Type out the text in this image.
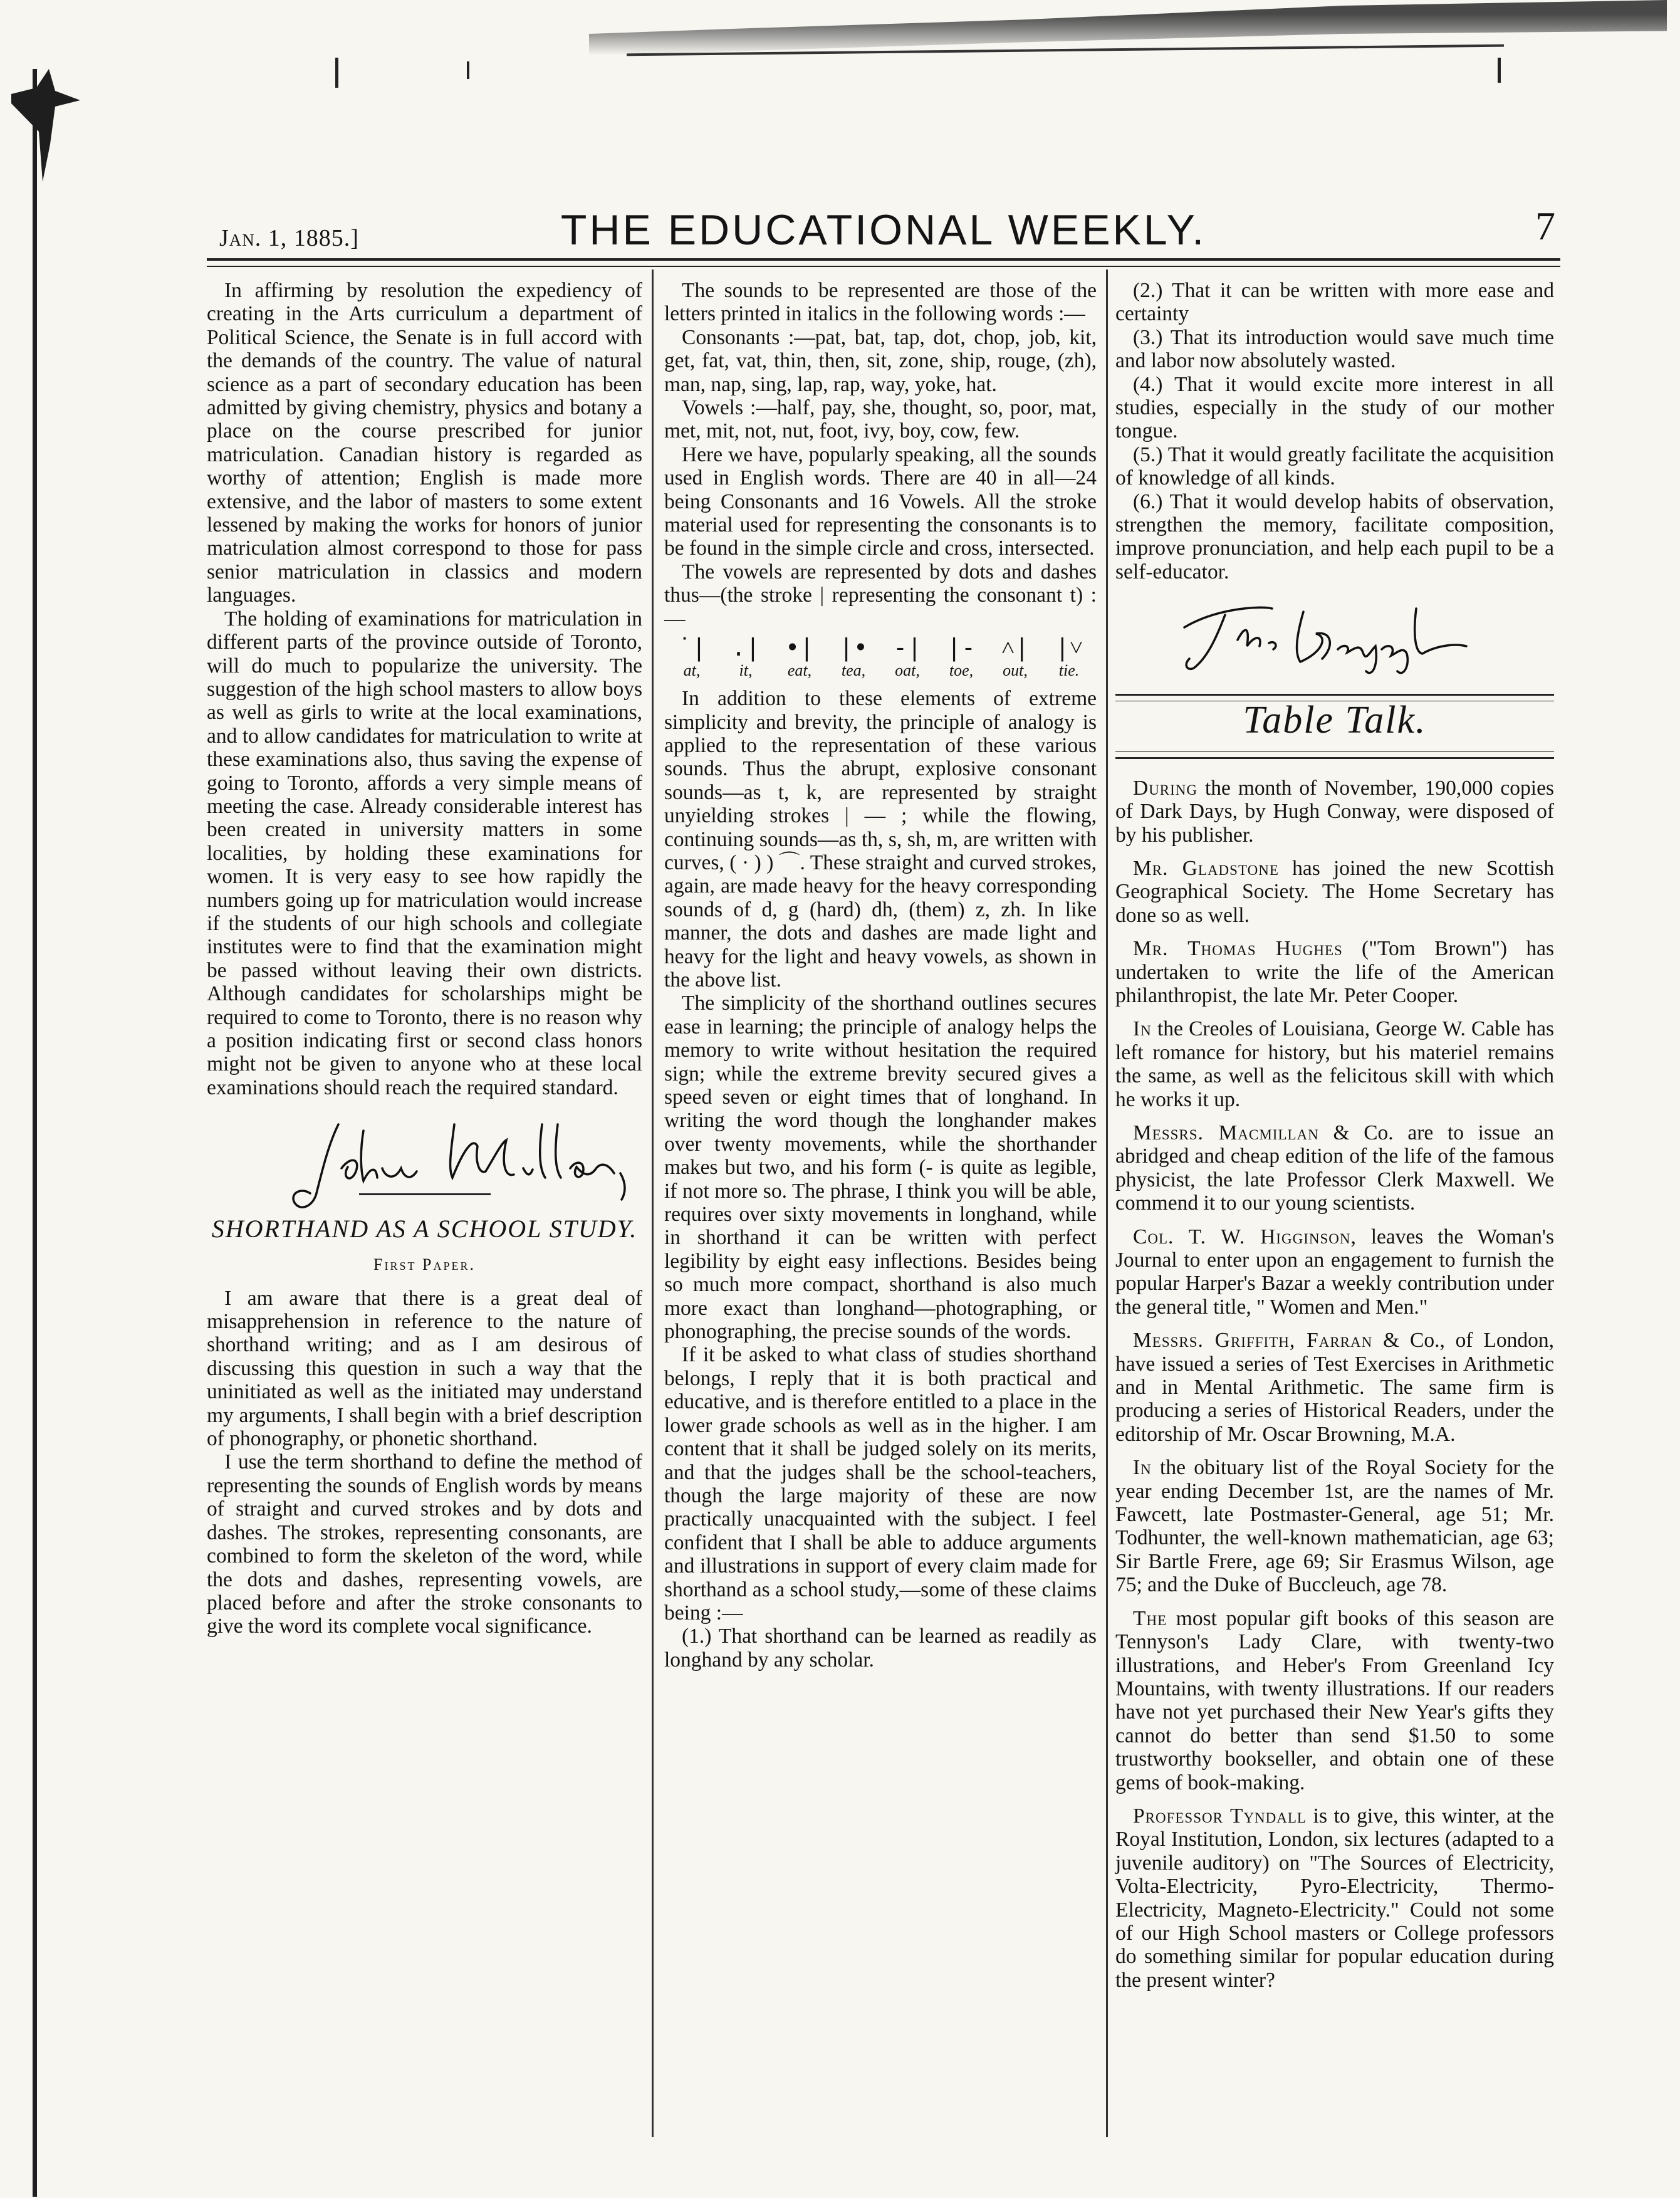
Jan. 1, 1885.]	THE EDUCATIONAL WEEKLY.	7

In affirming by resolution the expediency of creating in the Arts curriculum a department of Political Science, the Senate is in full accord with the demands of the country. The value of natural science as a part of secondary education has been admitted by giving chemistry, physics and botany a place on the course prescribed for junior matriculation. Canadian history is regarded as worthy of attention; English is made more extensive, and the labor of masters to some extent lessened by making the works for honors of junior matriculation almost correspond to those for pass senior matriculation in classics and modern languages.

The holding of examinations for matriculation in different parts of the province outside of Toronto, will do much to popularize the university. The suggestion of the high school masters to allow boys as well as girls to write at the local examinations, and to allow candidates for matriculation to write at these examinations also, thus saving the expense of going to Toronto, affords a very simple means of meeting the case. Already considerable interest has been created in university matters in some localities, by holding these examinations for women. It is very easy to see how rapidly the numbers going up for matriculation would increase if the students of our high schools and collegiate institutes were to find that the examination might be passed without leaving their own districts. Although candidates for scholarships might be required to come to Toronto, there is no reason why a position indicating first or second class honors might not be given to anyone who at these local examinations should reach the required standard.

SHORTHAND AS A SCHOOL STUDY.
First Paper.

I am aware that there is a great deal of misapprehension in reference to the nature of shorthand writing; and as I am desirous of discussing this question in such a way that the uninitiated as well as the initiated may understand my arguments, I shall begin with a brief description of phonography, or phonetic shorthand.

I use the term shorthand to define the method of representing the sounds of English words by means of straight and curved strokes and by dots and dashes. The strokes, representing consonants, are combined to form the skeleton of the word, while the dots and dashes, representing vowels, are placed before and after the stroke consonants to give the word its complete vocal significance.

The sounds to be represented are those of the letters printed in italics in the following words :—

Consonants :—pat, bat, tap, dot, chop, job, kit, get, fat, vat, thin, then, sit, zone, ship, rouge, (zh), man, nap, sing, lap, rap, way, yoke, hat.

Vowels :—half, pay, she, thought, so, poor, mat, met, mit, not, nut, foot, ivy, boy, cow, few.

Here we have, popularly speaking, all the sounds used in English words. There are 40 in all—24 being Consonants and 16 Vowels. All the stroke material used for representing the consonants is to be found in the simple circle and cross, intersected.

The vowels are represented by dots and dashes thus—(the stroke | representing the consonant t) :—

˙|
at,
.|
it,
•|
eat,
|•
tea,
-|
oat,
|-
toe,
˄|
out,
|˅
tie.

In addition to these elements of extreme simplicity and brevity, the principle of analogy is applied to the representation of these various sounds. Thus the abrupt, explosive consonant sounds—as t, k, are represented by straight unyielding strokes | — ; while the flowing, continuing sounds—as th, s, sh, m, are written with curves, ( · ) ) ⌒. These straight and curved strokes, again, are made heavy for the heavy corresponding sounds of d, g (hard) dh, (them) z, zh. In like manner, the dots and dashes are made light and heavy for the light and heavy vowels, as shown in the above list.

The simplicity of the shorthand outlines secures ease in learning; the principle of analogy helps the memory to write without hesitation the required sign; while the extreme brevity secured gives a speed seven or eight times that of longhand. In writing the word though the longhander makes over twenty movements, while the shorthander makes but two, and his form (- is quite as legible, if not more so. The phrase, I think you will be able, requires over sixty movements in longhand, while in shorthand it can be written with perfect legibility by eight easy inflections. Besides being so much more compact, shorthand is also much more exact than longhand—photographing, or phonographing, the precise sounds of the words.

If it be asked to what class of studies shorthand belongs, I reply that it is both practical and educative, and is therefore entitled to a place in the lower grade schools as well as in the higher. I am content that it shall be judged solely on its merits, and that the judges shall be the school-teachers, though the large majority of these are now practically unacquainted with the subject. I feel confident that I shall be able to adduce arguments and illustrations in support of every claim made for shorthand as a school study,—some of these claims being :—

(1.) That shorthand can be learned as readily as longhand by any scholar.

(2.) That it can be written with more ease and certainty

(3.) That its introduction would save much time and labor now absolutely wasted.

(4.) That it would excite more interest in all studies, especially in the study of our mother tongue.

(5.) That it would greatly facilitate the acquisition of knowledge of all kinds.

(6.) That it would develop habits of observation, strengthen the memory, facilitate composition, improve pronunciation, and help each pupil to be a self-educator.

Table Talk.

During the month of November, 190,000 copies of Dark Days, by Hugh Conway, were disposed of by his publisher.

Mr. Gladstone has joined the new Scottish Geographical Society. The Home Secretary has done so as well.

Mr. Thomas Hughes ("Tom Brown") has undertaken to write the life of the American philanthropist, the late Mr. Peter Cooper.

In the Creoles of Louisiana, George W. Cable has left romance for history, but his materiel remains the same, as well as the felicitous skill with which he works it up.

Messrs. Macmillan & Co. are to issue an abridged and cheap edition of the life of the famous physicist, the late Professor Clerk Maxwell. We commend it to our young scientists.

Col. T. W. Higginson, leaves the Woman's Journal to enter upon an engagement to furnish the popular Harper's Bazar a weekly contribution under the general title, " Women and Men."

Messrs. Griffith, Farran & Co., of London, have issued a series of Test Exercises in Arithmetic and in Mental Arithmetic. The same firm is producing a series of Historical Readers, under the editorship of Mr. Oscar Browning, M.A.

In the obituary list of the Royal Society for the year ending December 1st, are the names of Mr. Fawcett, late Postmaster-General, age 51; Mr. Todhunter, the well-known mathematician, age 63; Sir Bartle Frere, age 69; Sir Erasmus Wilson, age 75; and the Duke of Buccleuch, age 78.

The most popular gift books of this season are Tennyson's Lady Clare, with twenty-two illustrations, and Heber's From Greenland Icy Mountains, with twenty illustrations. If our readers have not yet purchased their New Year's gifts they cannot do better than send $1.50 to some trustworthy bookseller, and obtain one of these gems of book-making.

Professor Tyndall is to give, this winter, at the Royal Institution, London, six lectures (adapted to a juvenile auditory) on "The Sources of Electricity, Volta-Electricity, Pyro-Electricity, Thermo-Electricity, Magneto-Electricity." Could not some of our High School masters or College professors do something similar for popular education during the present winter?
